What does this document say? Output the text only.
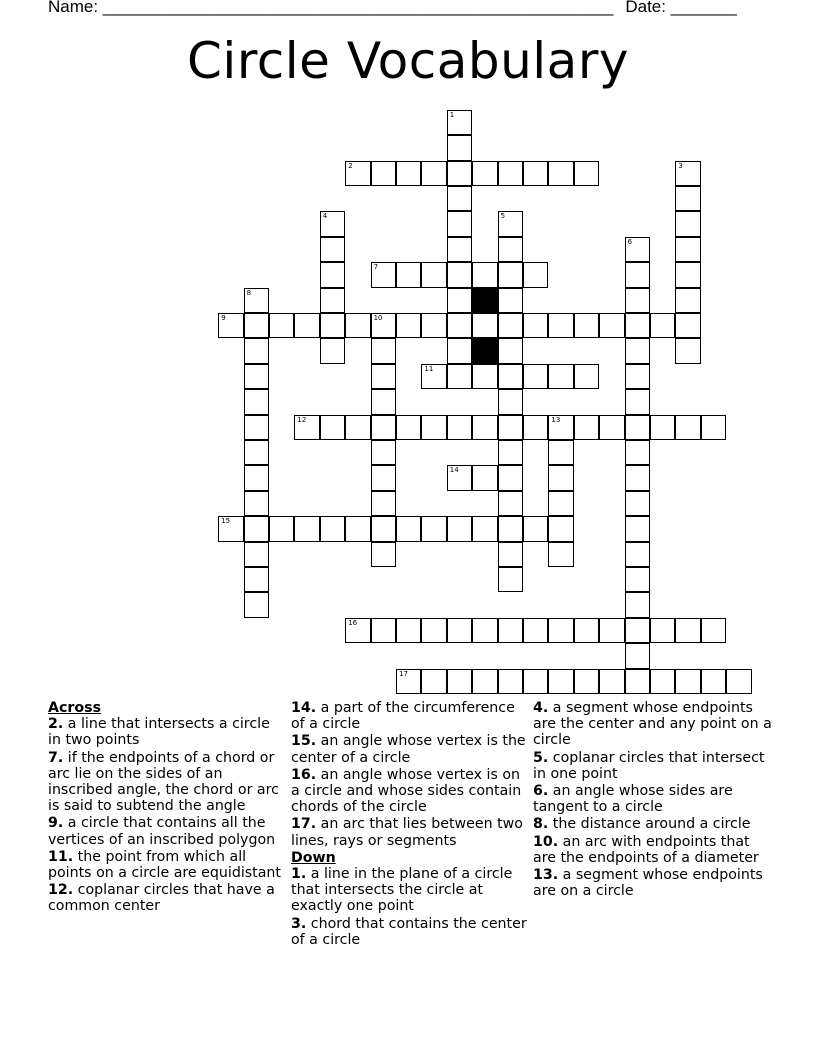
Name: ______________________________________________________ Date: _______
Circle Vocabulary
1
2	3
4	5
6
7
8
9	10
11
12	13
14
15
16
17
Across
2. a line that intersects a circle in two points
7. if the endpoints of a chord or arc lie on the sides of an inscribed angle, the chord or arc is said to subtend the angle
9. a circle that contains all the vertices of an inscribed polygon
11. the point from which all points on a circle are equidistant
12. coplanar circles that have a common center
14. a part of the circumference of a circle
15. an angle whose vertex is the center of a circle
16. an angle whose vertex is on a circle and whose sides contain chords of the circle
17. an arc that lies between two lines, rays or segments
Down
1. a line in the plane of a circle that intersects the circle at exactly one point
3. chord that contains the center of a circle
4. a segment whose endpoints are the center and any point on a circle
5. coplanar circles that intersect in one point
6. an angle whose sides are tangent to a circle
8. the distance around a circle
10. an arc with endpoints that are the endpoints of a diameter
13. a segment whose endpoints are on a circle
